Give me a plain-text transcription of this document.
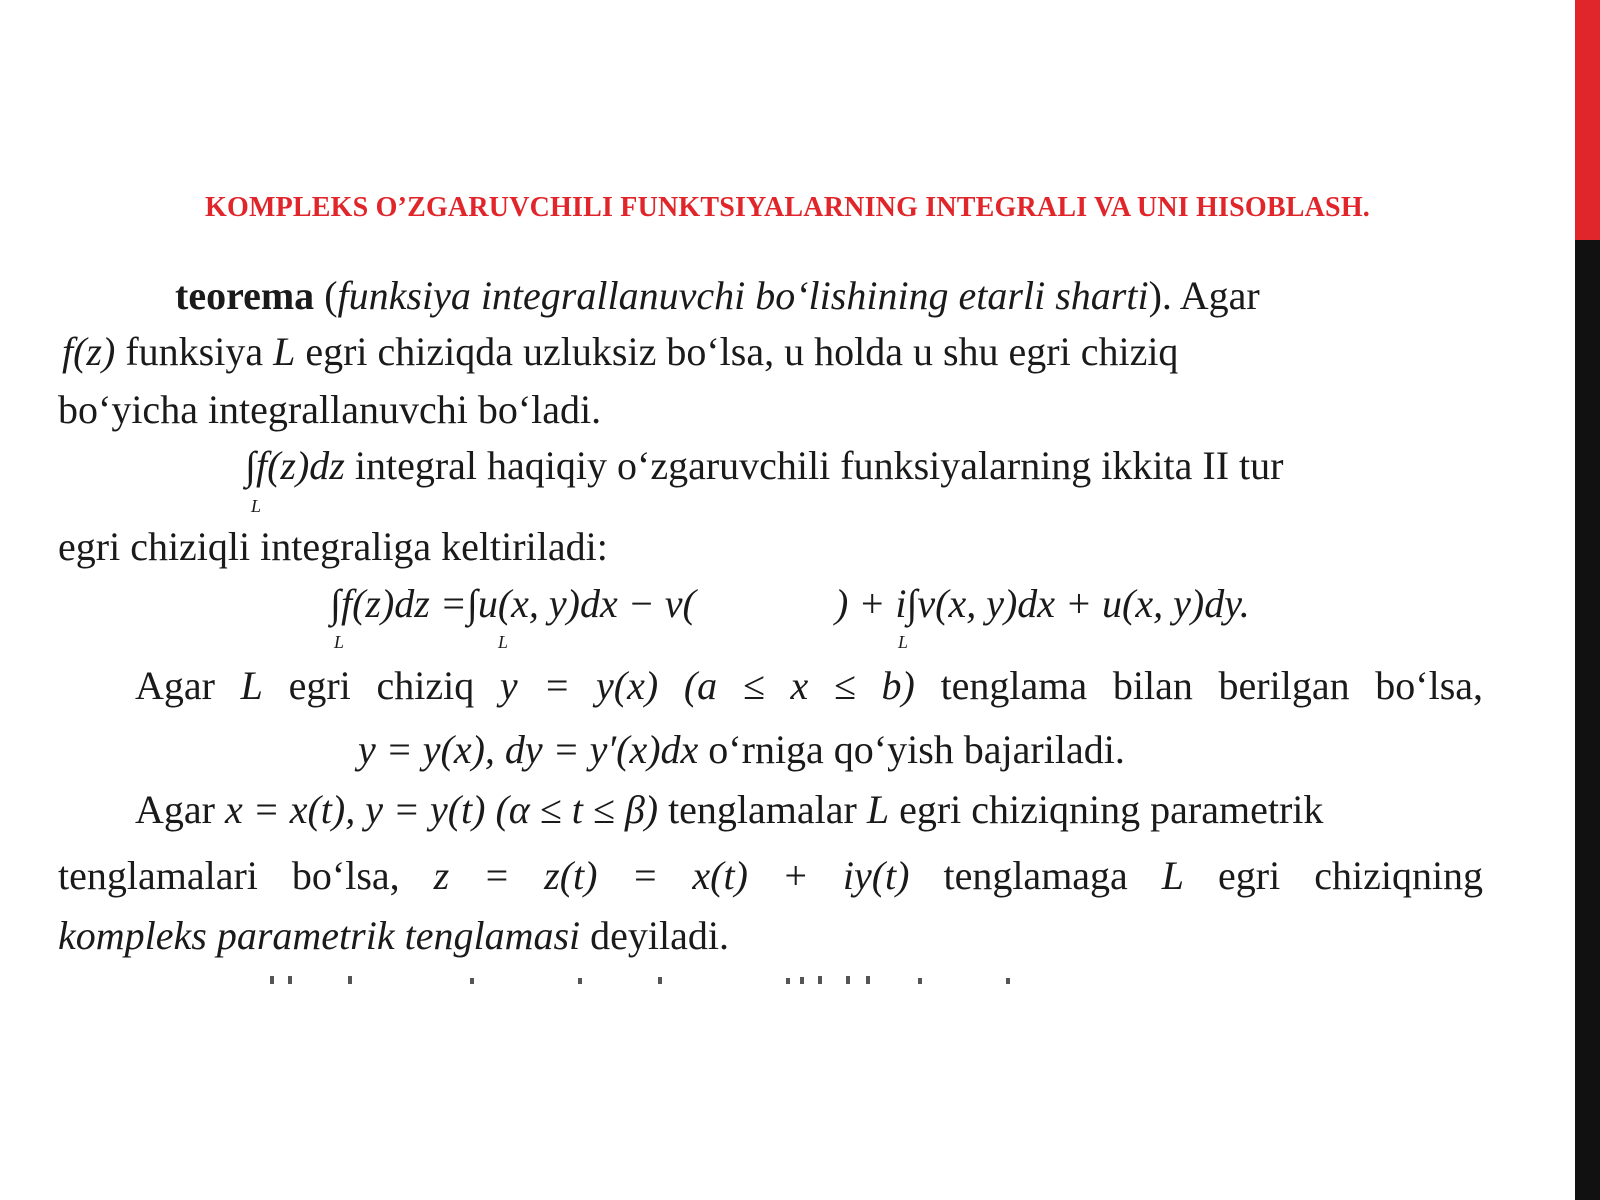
KOMPLEKS O’ZGARUVCHILI FUNKTSIYALARNING INTEGRALI VA UNI HISOBLASH.
teorema (funksiya integrallanuvchi bo‘lishining etarli sharti). Agar
f(z) funksiya L egri chiziqda uzluksiz bo‘lsa, u holda u shu egri chiziq
bo‘yicha integrallanuvchi bo‘ladi.
∫f(z)dz integral haqiqiy o‘zgaruvchili funksiyalarning ikkita II tur
L
egri chiziqli integraliga keltiriladi:
∫f(z)dz =∫u(x, y)dx − v(	) + i∫v(x, y)dx + u(x, y)dy.
L	L	L
Agar L egri chiziq y = y(x) (a ≤ x ≤ b) tenglama bilan berilgan bo‘lsa,
y = y(x), dy = y′(x)dx o‘rniga qo‘yish bajariladi.
Agar x = x(t), y = y(t) (α ≤ t ≤ β) tenglamalar L egri chiziqning parametrik
tenglamalari bo‘lsa, z = z(t) = x(t) + iy(t) tenglamaga L egri chiziqning
kompleks parametrik tenglamasi deyiladi.
